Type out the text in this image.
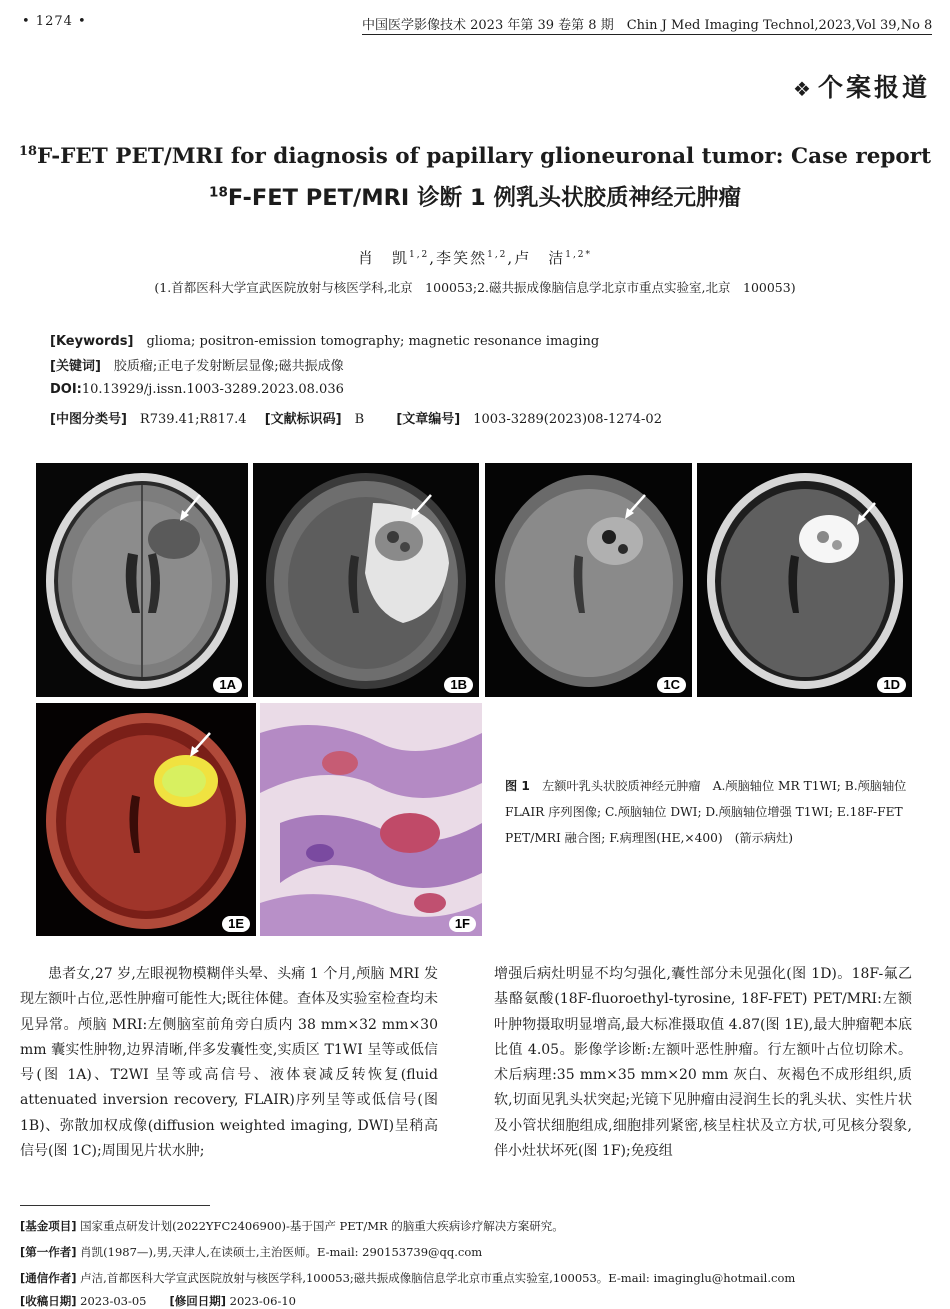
• 1274 •	中国医学影像技术 2023 年第 39 卷第 8 期　Chin J Med Imaging Technol,2023,Vol 39,No 8
❖ 个案报道
$^{18}$F-FET PET/MRI for diagnosis of papillary glioneuronal tumor: Case report
$^{18}$F-FET PET/MRI 诊断 1 例乳头状胶质神经元肿瘤
肖　凯$^{1,2}$,李笑然$^{1,2}$,卢　洁$^{1,2*}$
(1.首都医科大学宣武医院放射与核医学科,北京　100053;2.磁共振成像脑信息学北京市重点实验室,北京　100053)
[Keywords]　 glioma; positron-emission tomography; magnetic resonance imaging
[关键词]　 胶质瘤;正电子发射断层显像;磁共振成像
DOI:10.13929/j.issn.1003-3289.2023.08.036
[中图分类号]　 R739.41;R817.4 [文献标识码]　 B [文章编号]　 1003-3289(2023)08-1274-02
1A	1B	1C	1D
1E	1F
图 1　 左额叶乳头状胶质神经元肿瘤　A.颅脑轴位 MR T1WI; B.颅脑轴位 FLAIR 序列图像; C.颅脑轴位 DWI; D.颅脑轴位增强 T1WI; E.18F-FET PET/MRI 融合图; F.病理图(HE,×400)　(箭示病灶)

患者女,27 岁,左眼视物模糊伴头晕、头痛 1 个月,颅脑 MRI 发现左额叶占位,恶性肿瘤可能性大;既往体健。查体及实验室检查均未见异常。颅脑 MRI:左侧脑室前角旁白质内 38 mm×32 mm×30 mm 囊实性肿物,边界清晰,伴多发囊性变,实质区 T1WI 呈等或低信号(图 1A)、T2WI 呈等或高信号、液体衰减反转恢复(fluid attenuated inversion recovery, FLAIR)序列呈等或低信号(图 1B)、弥散加权成像(diffusion weighted imaging, DWI)呈稍高信号(图 1C);周围见片状水肿;

增强后病灶明显不均匀强化,囊性部分未见强化(图 1D)。18F-氟乙基酪氨酸(18F-fluoroethyl-tyrosine, 18F-FET) PET/MRI:左额叶肿物摄取明显增高,最大标准摄取值 4.87(图 1E),最大肿瘤靶本底比值 4.05。影像学诊断:左额叶恶性肿瘤。行左额叶占位切除术。术后病理:35 mm×35 mm×20 mm 灰白、灰褐色不成形组织,质软,切面见乳头状突起;光镜下见肿瘤由浸润生长的乳头状、实性片状及小管状细胞组成,细胞排列紧密,核呈柱状及立方状,可见核分裂象,伴小灶状坏死(图 1F);免疫组

[基金项目] 国家重点研发计划(2022YFC2406900)-基于国产 PET/MR 的脑重大疾病诊疗解决方案研究。
[第一作者] 肖凯(1987—),男,天津人,在读硕士,主治医师。E-mail: 290153739@qq.com
[通信作者] 卢洁,首都医科大学宣武医院放射与核医学科,100053;磁共振成像脑信息学北京市重点实验室,100053。E-mail: imaginglu@hotmail.com
[收稿日期] 2023-03-05　　 [修回日期] 2023-06-10
